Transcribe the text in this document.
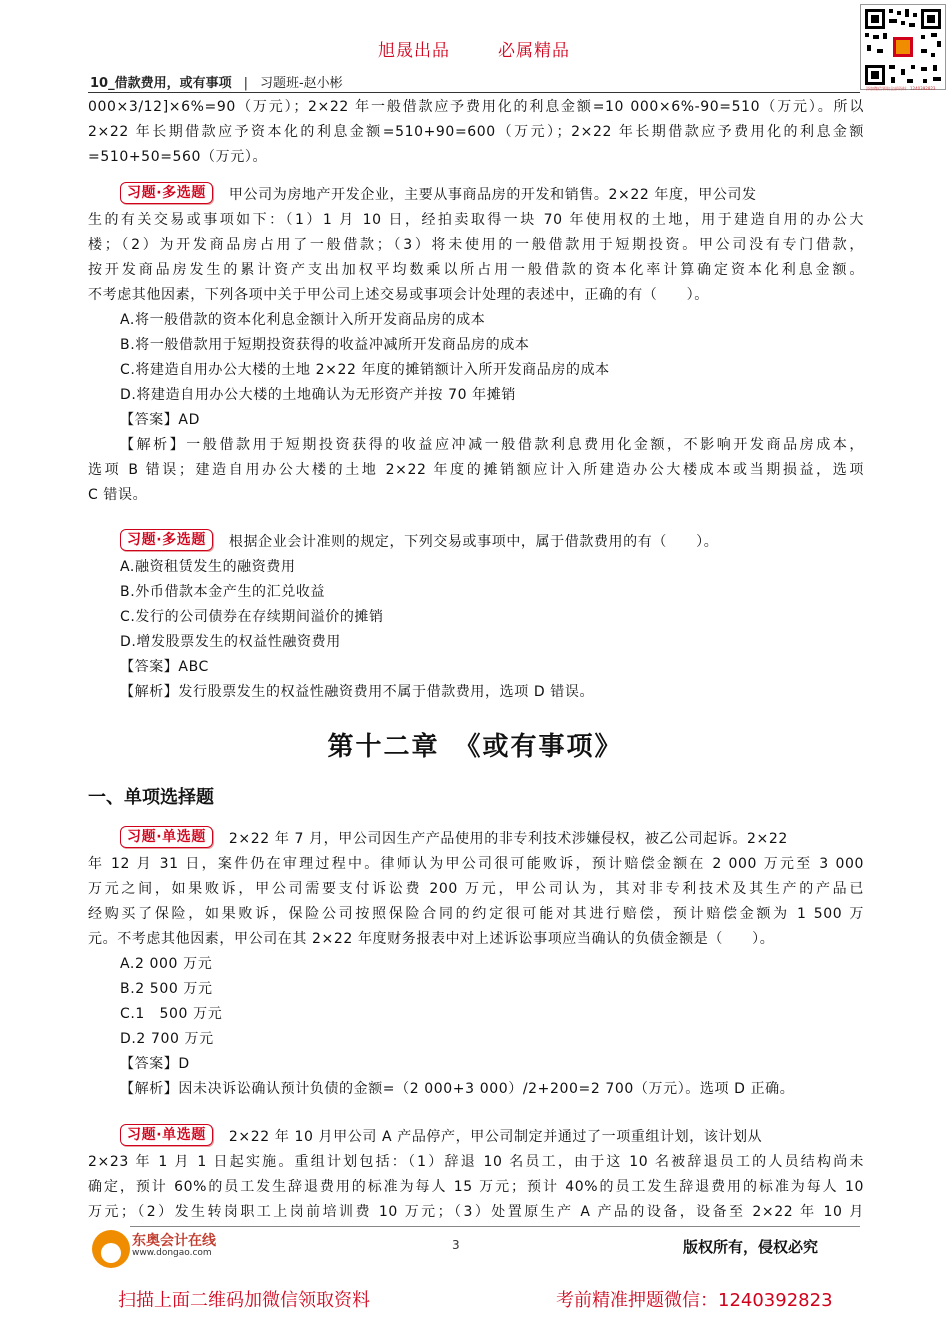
旭晟出品	必属精品
添加微信领取全部资料：1240392823
10_借款费用，或有事项 | 习题班-赵小彬
000×3/12]×6%=90（万元）；2×22 年一般借款应予费用化的利息金额=10 000×6%-90=510（万元）。所以
2×22 年长期借款应予资本化的利息金额=510+90=600（万元）；2×22 年长期借款应予费用化的利息金额
=510+50=560（万元）。
习题·多选题 甲公司为房地产开发企业，主要从事商品房的开发和销售。2×22 年度，甲公司发
生的有关交易或事项如下：（1）1 月 10 日，经拍卖取得一块 70 年使用权的土地，用于建造自用的办公大
楼；（2）为开发商品房占用了一般借款；（3）将未使用的一般借款用于短期投资。甲公司没有专门借款，
按开发商品房发生的累计资产支出加权平均数乘以所占用一般借款的资本化率计算确定资本化利息金额。
不考虑其他因素，下列各项中关于甲公司上述交易或事项会计处理的表述中，正确的有（　　）。
A.将一般借款的资本化利息金额计入所开发商品房的成本
B.将一般借款用于短期投资获得的收益冲减所开发商品房的成本
C.将建造自用办公大楼的土地 2×22 年度的摊销额计入所开发商品房的成本
D.将建造自用办公大楼的土地确认为无形资产并按 70 年摊销
【答案】AD
【解析】一般借款用于短期投资获得的收益应冲减一般借款利息费用化金额，不影响开发商品房成本，
选项 B 错误；建造自用办公大楼的土地 2×22 年度的摊销额应计入所建造办公大楼成本或当期损益，选项
C 错误。
习题·多选题 根据企业会计准则的规定，下列交易或事项中，属于借款费用的有（　　）。
A.融资租赁发生的融资费用
B.外币借款本金产生的汇兑收益
C.发行的公司债券在存续期间溢价的摊销
D.增发股票发生的权益性融资费用
【答案】ABC
【解析】发行股票发生的权益性融资费用不属于借款费用，选项 D 错误。
第十二章　《或有事项》
一、单项选择题
习题·单选题 2×22 年 7 月，甲公司因生产产品使用的非专利技术涉嫌侵权，被乙公司起诉。2×22
年 12 月 31 日，案件仍在审理过程中。律师认为甲公司很可能败诉，预计赔偿金额在 2 000 万元至 3 000
万元之间，如果败诉，甲公司需要支付诉讼费 200 万元，甲公司认为，其对非专利技术及其生产的产品已
经购买了保险，如果败诉，保险公司按照保险合同的约定很可能对其进行赔偿，预计赔偿金额为 1 500 万
元。不考虑其他因素，甲公司在其 2×22 年度财务报表中对上述诉讼事项应当确认的负债金额是（　　）。
A.2 000 万元
B.2 500 万元
C.1　500 万元
D.2 700 万元
【答案】D
【解析】因未决诉讼确认预计负债的金额=（2 000+3 000）/2+200=2 700（万元）。选项 D 正确。
习题·单选题 2×22 年 10 月甲公司 A 产品停产，甲公司制定并通过了一项重组计划，该计划从
2×23 年 1 月 1 日起实施。重组计划包括：（1）辞退 10 名员工，由于这 10 名被辞退员工的人员结构尚未
确定，预计 60%的员工发生辞退费用的标准为每人 15 万元；预计 40%的员工发生辞退费用的标准为每人 10
万元；（2）发生转岗职工上岗前培训费 10 万元；（3）处置原生产 A 产品的设备，设备至 2×22 年 10 月
东奥会计在线
www.dongao.com
3	版权所有，侵权必究
扫描上面二维码加微信领取资料	考前精准押题微信：1240392823
